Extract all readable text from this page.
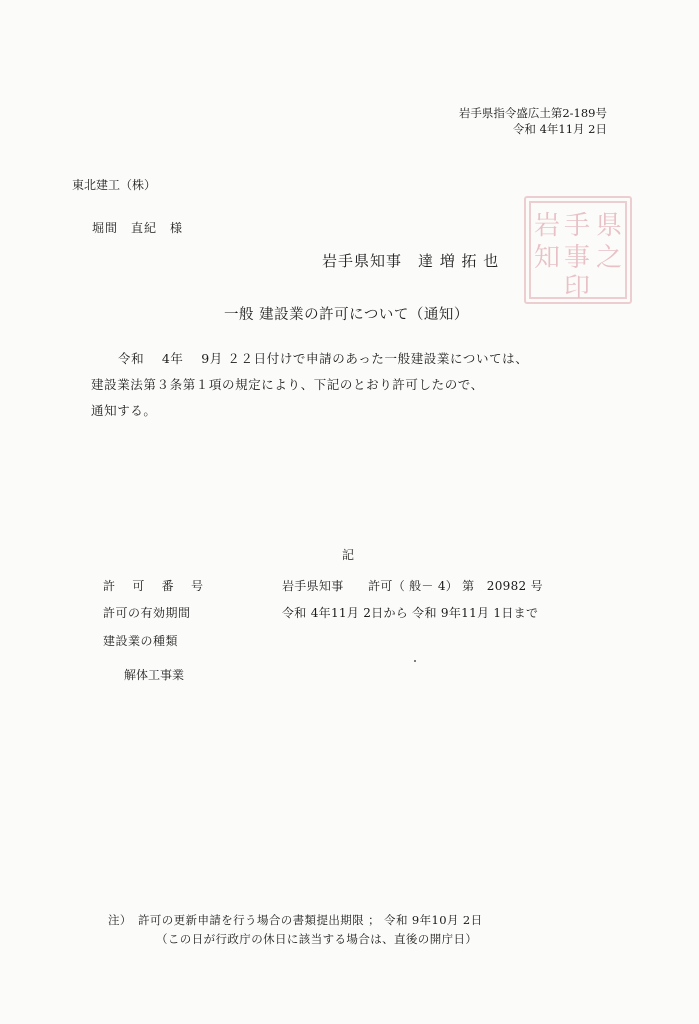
岩手県指令盛広土第2-189号
令和 4年11月 2日
東北建工（株）
堀間　直紀　様
岩手県知事　達 増 拓 也
岩 手 県
知 事 之
印
一般 建設業の許可について（通知）
令和　 4年　 9月 ２２日付けで申請のあった一般建設業については、
建設業法第３条第１項の規定により、下記のとおり許可したので、
通知する。
記
許　 可　 番　 号	岩手県知事　　許可（ 般－ 4） 第　20982 号
許可の有効期間	令和 4年11月 2日から 令和 9年11月 1日まで
建設業の種類
解体工事業
注）　許可の更新申請を行う場合の書類提出期限 ； 令和 9年10月 2日
（この日が行政庁の休日に該当する場合は、直後の開庁日）
